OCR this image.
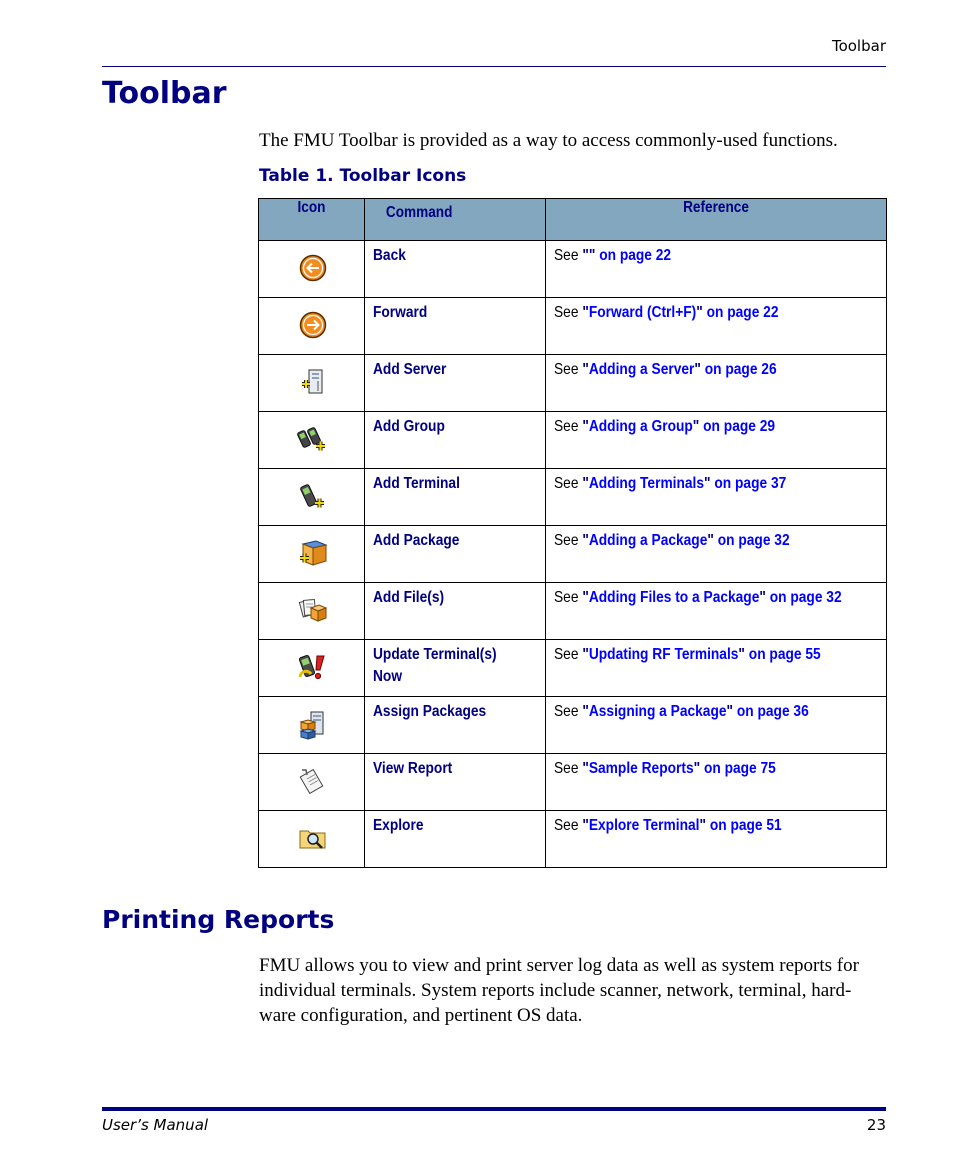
Toolbar
Toolbar
The FMU Toolbar is provided as a way to access commonly-used functions.
Table 1. Toolbar Icons
Icon	Command	Reference

	Back	See "" on page 22

	Forward	See "Forward (Ctrl+F)" on page 22

	Add Server	See "Adding a Server" on page 26

	Add Group	See "Adding a Group" on page 29

	Add Terminal	See "Adding Terminals" on page 37

	Add Package	See "Adding a Package" on page 32

	Add File(s)	See "Adding Files to a Package" on page 32

	Update Terminal(s)
Now	See "Updating RF Terminals" on page 55

	Assign Packages	See "Assigning a Package" on page 36

	View Report	See "Sample Reports" on page 75

	Explore	See "Explore Terminal" on page 51
Printing Reports
FMU allows you to view and print server log data as well as system reports for
individual terminals. System reports include scanner, network, terminal, hard-
ware configuration, and pertinent OS data.
User’s Manual	23
